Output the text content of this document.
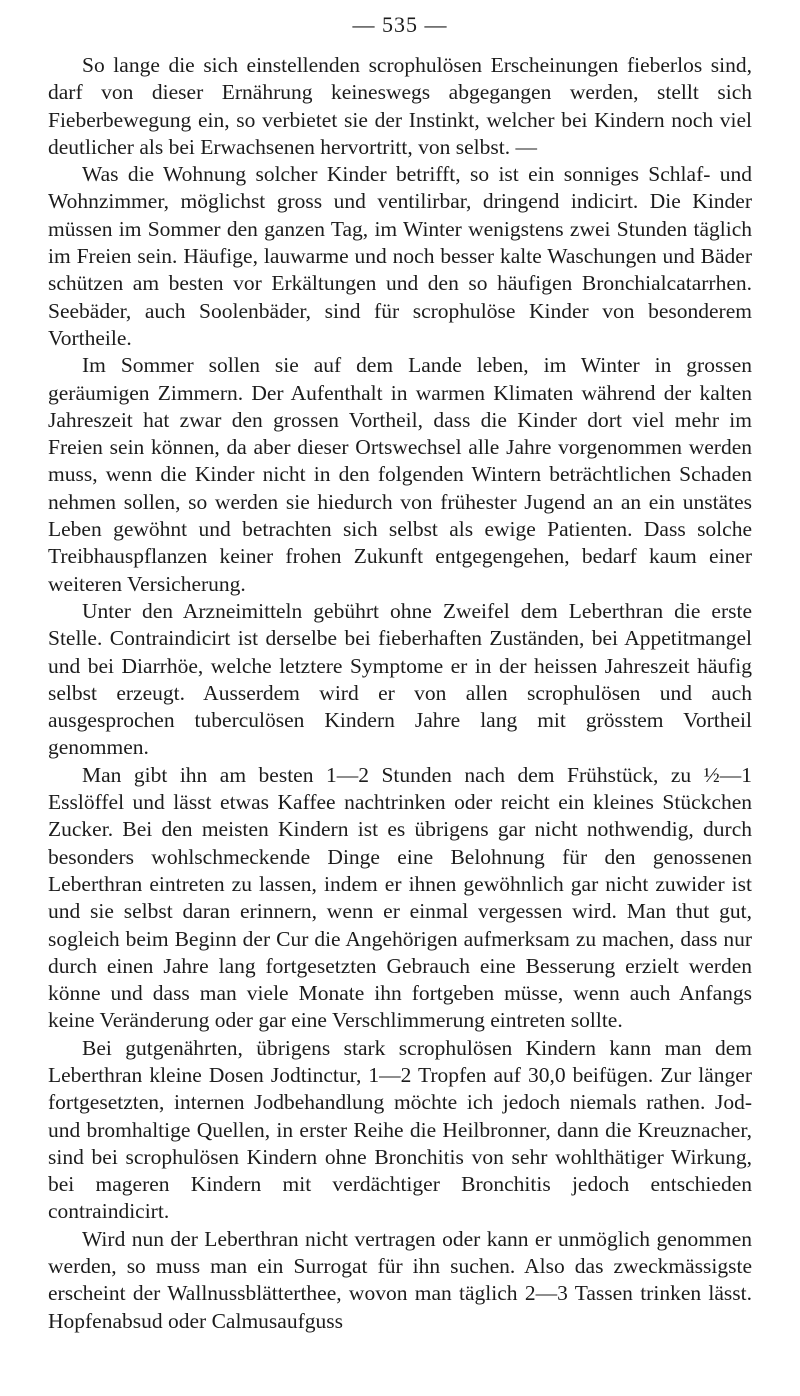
— 535 —

So lange die sich einstellenden scrophulösen Erscheinungen fieberlos sind, darf von dieser Ernährung keineswegs abgegangen werden, stellt sich Fieberbewegung ein, so verbietet sie der Instinkt, welcher bei Kindern noch viel deutlicher als bei Erwachsenen hervortritt, von selbst. —

Was die Wohnung solcher Kinder betrifft, so ist ein sonniges Schlaf- und Wohnzimmer, möglichst gross und ventilirbar, dringend indicirt. Die Kinder müssen im Sommer den ganzen Tag, im Winter wenigstens zwei Stunden täglich im Freien sein. Häufige, lauwarme und noch besser kalte Waschungen und Bäder schützen am besten vor Erkältungen und den so häufigen Bronchialcatarrhen. Seebäder, auch Soolenbäder, sind für scrophulöse Kinder von besonderem Vortheile.

Im Sommer sollen sie auf dem Lande leben, im Winter in grossen geräumigen Zimmern. Der Aufenthalt in warmen Klimaten während der kalten Jahreszeit hat zwar den grossen Vortheil, dass die Kinder dort viel mehr im Freien sein können, da aber dieser Ortswechsel alle Jahre vorgenommen werden muss, wenn die Kinder nicht in den folgenden Wintern beträchtlichen Schaden nehmen sollen, so werden sie hiedurch von frühester Jugend an an ein unstätes Leben gewöhnt und betrachten sich selbst als ewige Patienten. Dass solche Treibhauspflanzen keiner frohen Zukunft entgegengehen, bedarf kaum einer weiteren Versicherung.

Unter den Arzneimitteln gebührt ohne Zweifel dem Leberthran die erste Stelle. Contraindicirt ist derselbe bei fieberhaften Zuständen, bei Appetitmangel und bei Diarrhöe, welche letztere Symptome er in der heissen Jahreszeit häufig selbst erzeugt. Ausserdem wird er von allen scrophulösen und auch ausgesprochen tuberculösen Kindern Jahre lang mit grösstem Vortheil genommen.

Man gibt ihn am besten 1—2 Stunden nach dem Frühstück, zu ½—1 Esslöffel und lässt etwas Kaffee nachtrinken oder reicht ein kleines Stückchen Zucker. Bei den meisten Kindern ist es übrigens gar nicht nothwendig, durch besonders wohlschmeckende Dinge eine Belohnung für den genossenen Leberthran eintreten zu lassen, indem er ihnen gewöhnlich gar nicht zuwider ist und sie selbst daran erinnern, wenn er einmal vergessen wird. Man thut gut, sogleich beim Beginn der Cur die Angehörigen aufmerksam zu machen, dass nur durch einen Jahre lang fortgesetzten Gebrauch eine Besserung erzielt werden könne und dass man viele Monate ihn fortgeben müsse, wenn auch Anfangs keine Veränderung oder gar eine Verschlimmerung eintreten sollte.

Bei gutgenährten, übrigens stark scrophulösen Kindern kann man dem Leberthran kleine Dosen Jodtinctur, 1—2 Tropfen auf 30,0 beifügen. Zur länger fortgesetzten, internen Jodbehandlung möchte ich jedoch niemals rathen. Jod- und bromhaltige Quellen, in erster Reihe die Heilbronner, dann die Kreuznacher, sind bei scrophulösen Kindern ohne Bronchitis von sehr wohlthätiger Wirkung, bei mageren Kindern mit verdächtiger Bronchitis jedoch entschieden contraindicirt.

Wird nun der Leberthran nicht vertragen oder kann er unmöglich genommen werden, so muss man ein Surrogat für ihn suchen. Also das zweckmässigste erscheint der Wallnussblätterthee, wovon man täglich 2—3 Tassen trinken lässt. Hopfenabsud oder Calmusaufguss
